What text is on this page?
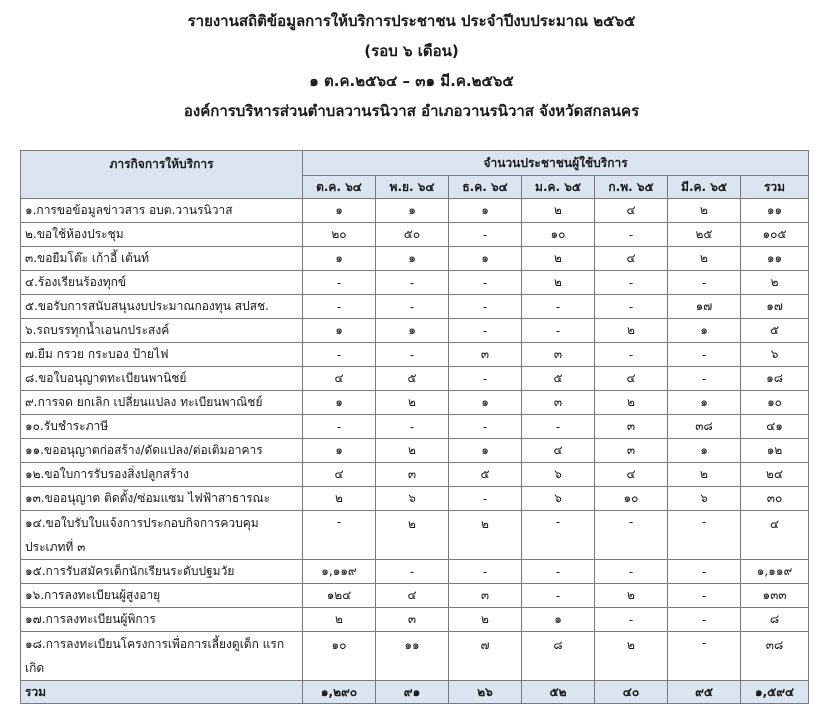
รายงานสถิติข้อมูลการให้บริการประชาชน ประจำปีงบประมาณ ๒๕๖๕
(รอบ ๖ เดือน)
๑ ต.ค.๒๕๖๔ – ๓๑ มี.ค.๒๕๖๕
องค์การบริหารส่วนตำบลวานรนิวาส อำเภอวานรนิวาส จังหวัดสกลนคร
ภารกิจการให้บริการ	จำนวนประชาชนผู้ใช้บริการ						
	ต.ค. ๖๔	พ.ย. ๖๔	ธ.ค. ๖๔	ม.ค. ๖๕	ก.พ. ๖๕	มี.ค. ๖๕	รวม
๑.การขอข้อมูลข่าวสาร อบต.วานรนิวาส	๑	๑	๑	๒	๔	๒	๑๑
๒.ขอใช้ห้องประชุม	๒๐	๕๐	-	๑๐	-	๒๕	๑๐๕
๓.ขอยืมโต๊ะ เก้าอี้ เต้นท์	๑	๑	๑	๒	๔	๒	๑๑
๔.ร้องเรียนร้องทุกข์	-	-	-	๒	-	-	๒
๕.ขอรับการสนับสนุนงบประมาณกองทุน สปสช.	-	-	-	-	-	๑๗	๑๗
๖.รถบรรทุกน้ำเอนกประสงค์	๑	๑	-	-	๒	๑	๕
๗.ยืม กรวย กระบอง ป้ายไฟ	-	-	๓	๓	-	-	๖
๘.ขอใบอนุญาตทะเบียนพานิชย์	๔	๕	-	๕	๔	-	๑๘
๙.การจด ยกเลิก เปลี่ยนแปลง ทะเบียนพาณิชย์	๑	๒	๑	๓	๒	๑	๑๐
๑๐.รับชำระภาษี	-	-	-	-	๓	๓๘	๔๑
๑๑.ขออนุญาตก่อสร้าง/ดัดแปลง/ต่อเติมอาคาร	๑	๒	๑	๔	๓	๑	๑๒
๑๒.ขอใบการรับรองสิ่งปลูกสร้าง	๔	๓	๕	๖	๔	๒	๒๔
๑๓.ขออนุญาต ติดตั้ง/ซ่อมแซม ไฟฟ้าสาธารณะ	๒	๖	-	๖	๑๐	๖	๓๐
๑๔.ขอใบรับใบแจ้งการประกอบกิจการควบคุม ประเภทที่ ๓	-	๒	๒	-	-	-	๔
๑๕.การรับสมัครเด็กนักเรียนระดับปฐมวัย	๑,๑๑๙	-	-	-	-	-	๑,๑๑๙
๑๖.การลงทะเบียนผู้สูงอายุ	๑๒๔	๔	๓	-	๒	-	๑๓๓
๑๗.การลงทะเบียนผู้พิการ	๒	๓	๒	๑	-	-	๘
๑๘.การลงทะเบียนโครงการเพื่อการเลี้ยงดูเด็ก แรกเกิด	๑๐	๑๑	๗	๘	๒	-	๓๘
รวม	๑,๒๙๐	๙๑	๒๖	๕๒	๔๐	๙๕	๑,๕๙๔
